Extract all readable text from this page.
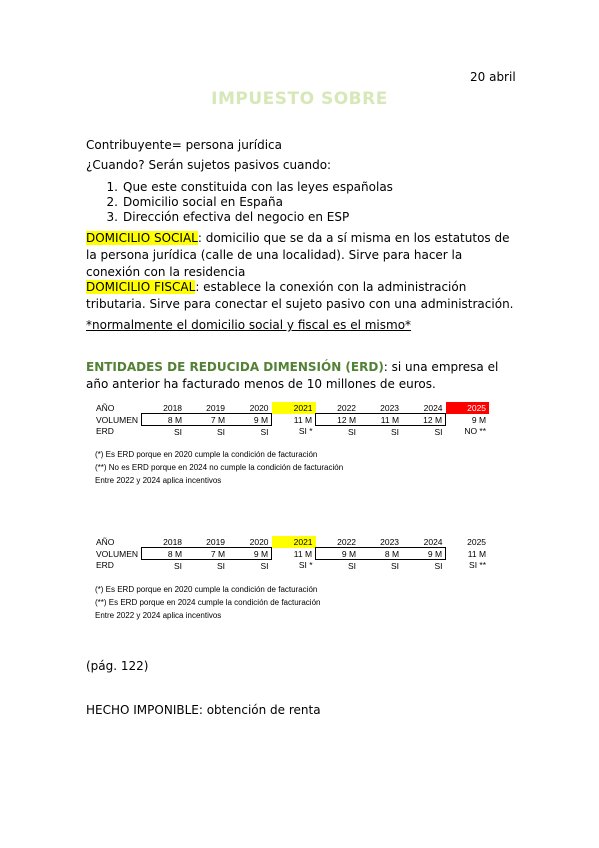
20 abril
IMPUESTO SOBRE
Contribuyente= persona jurídica
¿Cuando? Serán sujetos pasivos cuando:
1. Que este constituida con las leyes españolas
2. Domicilio social en España
3. Dirección efectiva del negocio en ESP
DOMICILIO SOCIAL: domicilio que se da a sí misma en los estatutos de la persona jurídica (calle de una localidad). Sirve para hacer la conexión con la residencia
DOMICILIO FISCAL: establece la conexión con la administración tributaria. Sirve para conectar el sujeto pasivo con una administración.
*normalmente el domicilio social y fiscal es el mismo*
ENTIDADES DE REDUCIDA DIMENSIÓN (ERD): si una empresa el año anterior ha facturado menos de 10 millones de euros.
AÑO	2018	2019	2020	2021	2022	2023	2024	2025
VOLUMEN	8 M	7 M	9 M	11 M	12 M	11 M	12 M	9 M
ERD	SI	SI	SI	SI *	SI	SI	SI	NO **
(*) Es ERD porque en 2020 cumple la condición de facturación
(**) No es ERD porque en 2024 no cumple la condición de facturación
Entre 2022 y 2024 aplica incentivos
AÑO	2018	2019	2020	2021	2022	2023	2024	2025
VOLUMEN	8 M	7 M	9 M	11 M	9 M	8 M	9 M	11 M
ERD	SI	SI	SI	SI *	SI	SI	SI	SI **
(*) Es ERD porque en 2020 cumple la condición de facturación
(**) Es ERD porque en 2024 cumple la condición de facturación
Entre 2022 y 2024 aplica incentivos
(pág. 122)
HECHO IMPONIBLE: obtención de renta
